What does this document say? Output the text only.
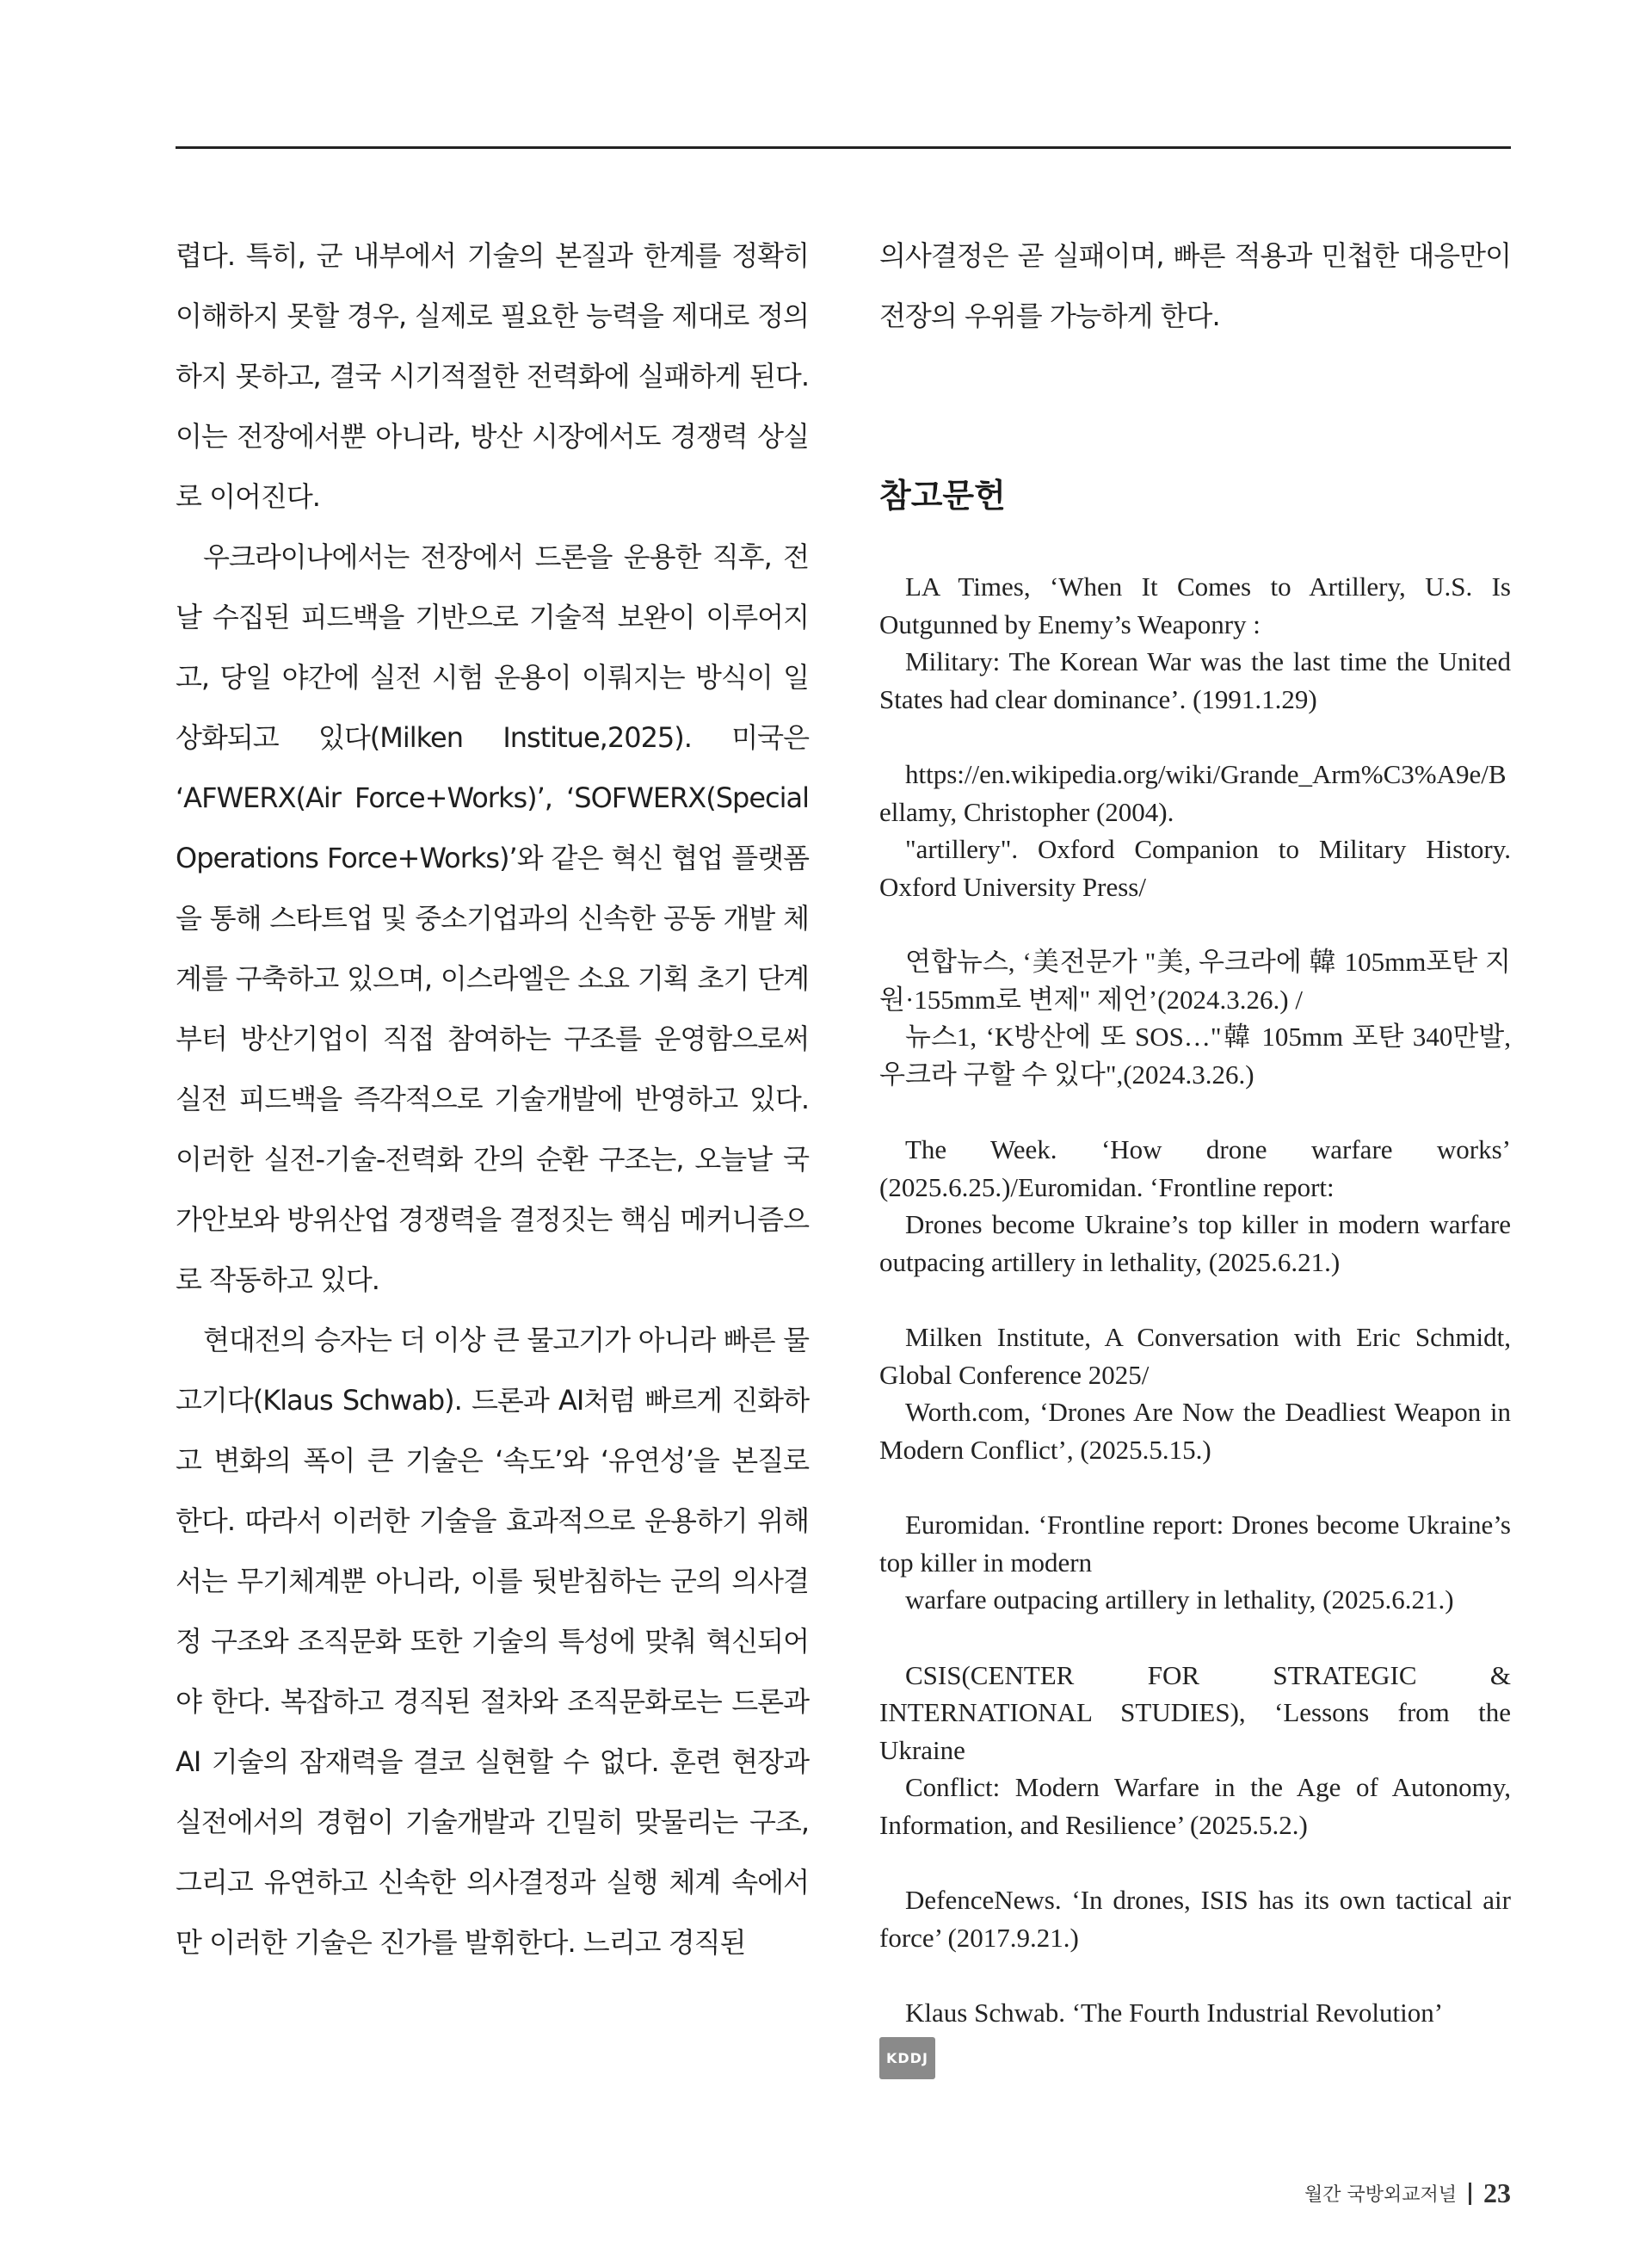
렵다. 특히, 군 내부에서 기술의 본질과 한계를 정확히 이해하지 못할 경우, 실제로 필요한 능력을 제대로 정의하지 못하고, 결국 시기적절한 전력화에 실패하게 된다. 이는 전장에서뿐 아니라, 방산 시장에서도 경쟁력 상실로 이어진다.

우크라이나에서는 전장에서 드론을 운용한 직후, 전날 수집된 피드백을 기반으로 기술적 보완이 이루어지고, 당일 야간에 실전 시험 운용이 이뤄지는 방식이 일상화되고 있다(Milken Institue,2025). 미국은 ‘AFWERX(Air Force+Works)’, ‘SOFWERX(Special Operations Force+Works)’와 같은 혁신 협업 플랫폼을 통해 스타트업 및 중소기업과의 신속한 공동 개발 체계를 구축하고 있으며, 이스라엘은 소요 기획 초기 단계부터 방산기업이 직접 참여하는 구조를 운영함으로써 실전 피드백을 즉각적으로 기술개발에 반영하고 있다. 이러한 실전-기술-전력화 간의 순환 구조는, 오늘날 국가안보와 방위산업 경쟁력을 결정짓는 핵심 메커니즘으로 작동하고 있다.

현대전의 승자는 더 이상 큰 물고기가 아니라 빠른 물고기다(Klaus Schwab). 드론과 AI처럼 빠르게 진화하고 변화의 폭이 큰 기술은 ‘속도’와 ‘유연성’을 본질로 한다. 따라서 이러한 기술을 효과적으로 운용하기 위해서는 무기체계뿐 아니라, 이를 뒷받침하는 군의 의사결정 구조와 조직문화 또한 기술의 특성에 맞춰 혁신되어야 한다. 복잡하고 경직된 절차와 조직문화로는 드론과 AI 기술의 잠재력을 결코 실현할 수 없다. 훈련 현장과 실전에서의 경험이 기술개발과 긴밀히 맞물리는 구조, 그리고 유연하고 신속한 의사결정과 실행 체계 속에서만 이러한 기술은 진가를 발휘한다. 느리고 경직된

의사결정은 곧 실패이며, 빠른 적용과 민첩한 대응만이 전장의 우위를 가능하게 한다.

참고문헌
LA Times, ‘When It Comes to Artillery, U.S. Is Outgunned by Enemy’s Weaponry :
Military: The Korean War was the last time the United States had clear dominance’. (1991.1.29)
https://en.wikipedia.org/wiki/Grande_Arm%C3%A9e/Bellamy, Christopher (2004).
"artillery". Oxford Companion to Military History. Oxford University Press/
연합뉴스, ‘美전문가 "美, 우크라에 韓 105mm포탄 지원·155mm로 변제" 제언’(2024.3.26.) /
뉴스1, ‘K방산에 또 SOS…"韓 105mm 포탄 340만발, 우크라 구할 수 있다",(2024.3.26.)
The Week. ‘How drone warfare works’ (2025.6.25.)/Euromidan. ‘Frontline report:
Drones become Ukraine’s top killer in modern warfare outpacing artillery in lethality, (2025.6.21.)
Milken Institute, A Conversation with Eric Schmidt, Global Conference 2025/
Worth.com, ‘Drones Are Now the Deadliest Weapon in Modern Conflict’, (2025.5.15.)
Euromidan. ‘Frontline report: Drones become Ukraine’s top killer in modern
warfare outpacing artillery in lethality, (2025.6.21.)
CSIS(CENTER FOR STRATEGIC & INTERNATIONAL STUDIES), ‘Lessons from the Ukraine
Conflict: Modern Warfare in the Age of Autonomy, Information, and Resilience’ (2025.5.2.)
DefenceNews. ‘In drones, ISIS has its own tactical air force’ (2017.9.21.)
Klaus Schwab. ‘The Fourth Industrial Revolution’
KDDJ
월간 국방외교저널 23
